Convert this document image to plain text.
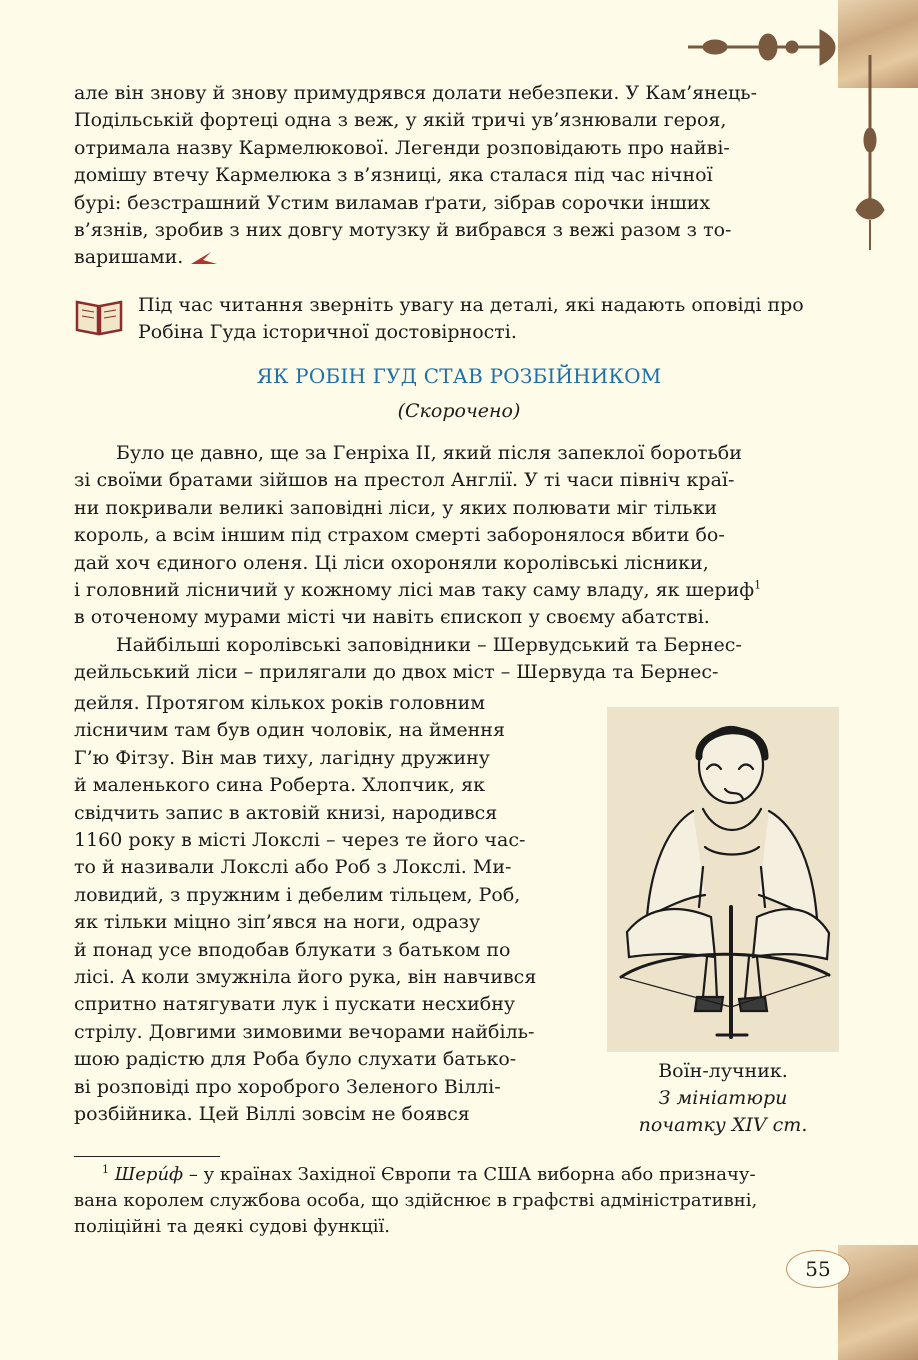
але він знову й знову примудрявся долати небезпеки. У Кам’янець-
Подільській фортеці одна з веж, у якій тричі ув’язнювали героя,
отримала назву Кармелюкової. Легенди розповідають про найві-
домішу втечу Кармелюка з в’язниці, яка сталася під час нічної
бурі: безстрашний Устим виламав ґрати, зібрав сорочки інших
в’язнів, зробив з них довгу мотузку й вибрався з вежі разом з то-
варишами.
Під час читання зверніть увагу на деталі, які надають оповіді про
Робіна Гуда історичної достовірності.
ЯК РОБІН ГУД СТАВ РОЗБІЙНИКОМ
(Скорочено)
Було це давно, ще за Генріха II, який після запеклої боротьби
зі своїми братами зійшов на престол Англії. У ті часи північ краї-
ни покривали великі заповідні ліси, у яких полювати міг тільки
король, а всім іншим під страхом смерті заборонялося вбити бо-
дай хоч єдиного оленя. Ці ліси охороняли королівські лісники,
і головний лісничий у кожному лісі мав таку саму владу, як шериф$^1$
в оточеному мурами місті чи навіть єпископ у своєму абатстві.
Найбільші королівські заповідники – Шервудський та Бернес-
дейльський ліси – прилягали до двох міст – Шервуда та Бернес-
дейля. Протягом кількох років головним
лісничим там був один чоловік, на ймення
Г’ю Фітзу. Він мав тиху, лагідну дружину
й маленького сина Роберта. Хлопчик, як
свідчить запис в актовій книзі, народився
1160 року в місті Локслі – через те його час-
то й називали Локслі або Роб з Локслі. Ми-
ловидий, з пружним і дебелим тільцем, Роб,
як тільки міцно зіп’явся на ноги, одразу
й понад усе вподобав блукати з батьком по
лісі. А коли змужніла його рука, він навчився
спритно натягувати лук і пускати несхибну
стрілу. Довгими зимовими вечорами найбіль-
шою радістю для Роба було слухати батько-
ві розповіді про хороброго Зеленого Віллі-
розбійника. Цей Віллі зовсім не боявся
Воїн-лучник.
З мініатюри
початку XIV ст.
$^1$ Шери́ф – у країнах Західної Європи та США виборна або призначу-
вана королем службова особа, що здійснює в графстві адміністративні,
поліційні та деякі судові функції.
55
